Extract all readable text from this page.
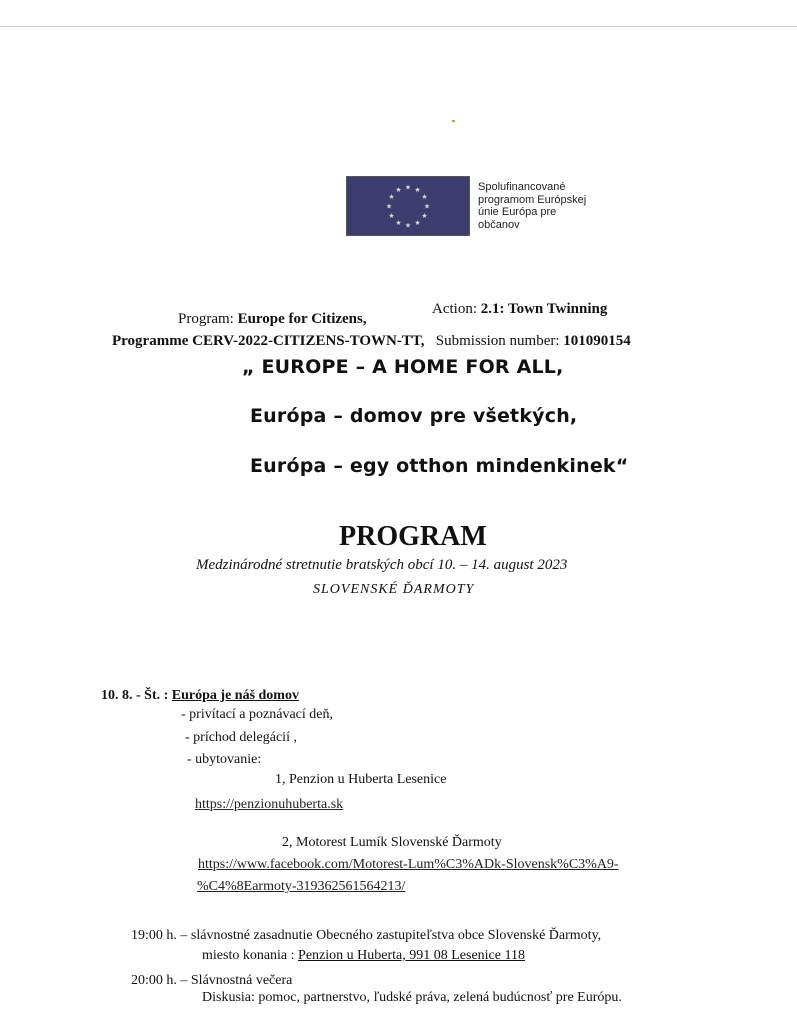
★ ★
★
★
★
★
★
★
★
★
★
★	Spolufinancované
programom Európskej
únie Európa pre
občanov
Program: Europe for Citizens,
Action: 2.1: Town Twinning
Programme CERV-2022-CITIZENS-TOWN-TT, Submission number: 101090154
„ EUROPE – A HOME FOR ALL,
Európa – domov pre všetkých,
Európa – egy otthon mindenkinek“
PROGRAM
Medzinárodné stretnutie bratských obcí 10. – 14. august 2023
SLOVENSKÉ ĎARMOTY
10. 8. - Št. : Európa je náš domov
- privítací a poznávací deň,
- príchod delegácií ,
- ubytovanie:
1, Penzion u Huberta Lesenice
https://penzionuhuberta.sk
2, Motorest Lumík Slovenské Ďarmoty
https://www.facebook.com/Motorest-Lum%C3%ADk-Slovensk%C3%A9-
%C4%8Earmoty-319362561564213/
19:00 h. – slávnostné zasadnutie Obecného zastupiteľstva obce Slovenské Ďarmoty,
miesto konania : Penzion u Huberta, 991 08 Lesenice 118
20:00 h. – Slávnostná večera
Diskusia: pomoc, partnerstvo, ľudské práva, zelená budúcnosť pre Európu.
